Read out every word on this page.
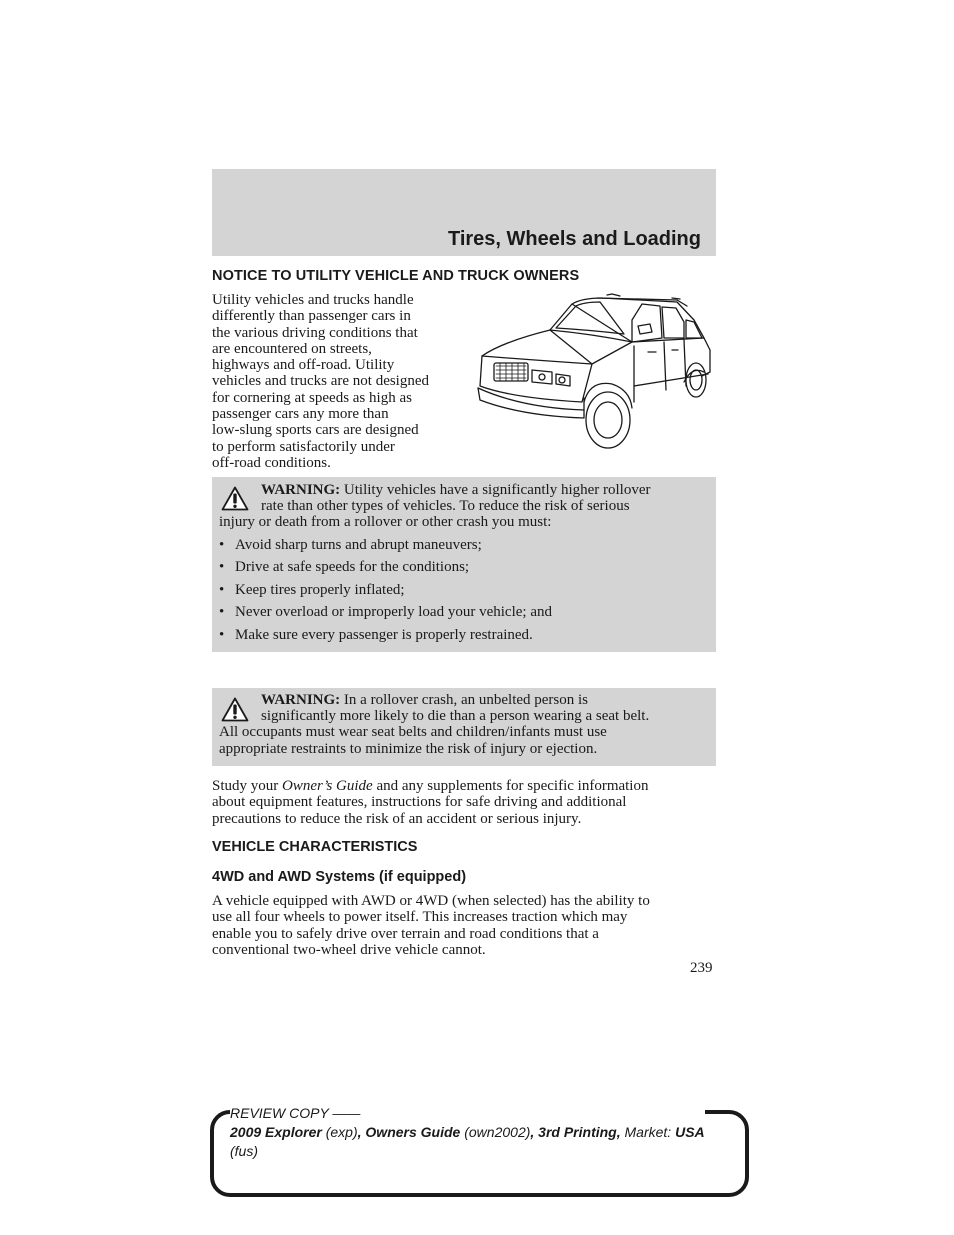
Tires, Wheels and Loading
NOTICE TO UTILITY VEHICLE AND TRUCK OWNERS
Utility vehicles and trucks handle
differently than passenger cars in
the various driving conditions that
are encountered on streets,
highways and off-road. Utility
vehicles and trucks are not designed
for cornering at speeds as high as
passenger cars any more than
low-slung sports cars are designed
to perform satisfactorily under
off-road conditions.
WARNING: Utility vehicles have a significantly higher rollover
rate than other types of vehicles. To reduce the risk of serious
injury or death from a rollover or other crash you must:
• Avoid sharp turns and abrupt maneuvers;
• Drive at safe speeds for the conditions;
• Keep tires properly inflated;
• Never overload or improperly load your vehicle; and
• Make sure every passenger is properly restrained.
WARNING: In a rollover crash, an unbelted person is
significantly more likely to die than a person wearing a seat belt.
All occupants must wear seat belts and children/infants must use
appropriate restraints to minimize the risk of injury or ejection.
Study your Owner’s Guide and any supplements for specific information
about equipment features, instructions for safe driving and additional
precautions to reduce the risk of an accident or serious injury.
VEHICLE CHARACTERISTICS
4WD and AWD Systems (if equipped)
A vehicle equipped with AWD or 4WD (when selected) has the ability to
use all four wheels to power itself. This increases traction which may
enable you to safely drive over terrain and road conditions that a
conventional two-wheel drive vehicle cannot.
239
REVIEW COPY ——
2009 Explorer (exp), Owners Guide (own2002), 3rd Printing, Market: USA
(fus)
